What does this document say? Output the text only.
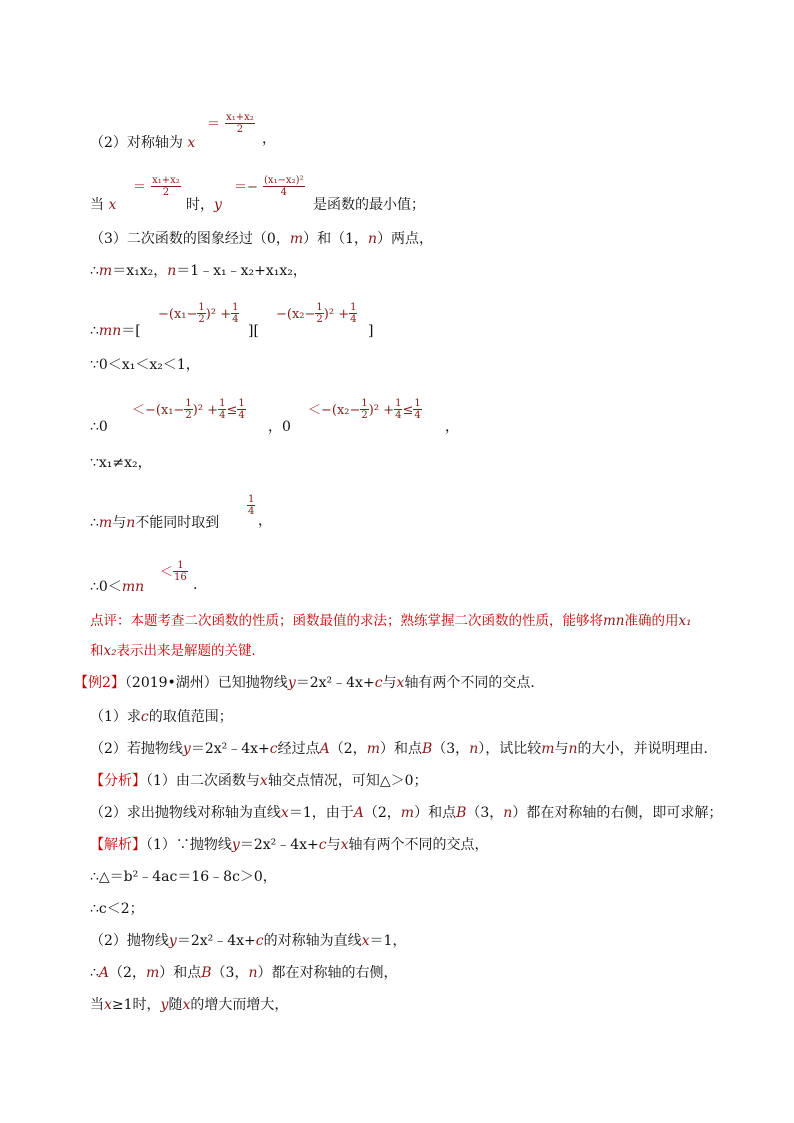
（2）对称轴为 x
＝ $\frac{\text{x₁+x₂}}{2}$
，
当 x
＝ $\frac{\text{x₁+x₂}}{2}$
时，y
＝− $\frac{\text{(x₁−x₂)²}}{4}$
是函数的最小值；
（3）二次函数的图象经过（0，m）和（1，n）两点，
∴m＝x₁x₂，n＝1﹣x₁﹣x₂+x₁x₂，
∴mn＝[
$-(x_1- \frac{1}{2} )^2 + \frac{1}{4}$
][
$-(x_2- \frac{1}{2} )^2 + \frac{1}{4}$
]
∵0＜x₁＜x₂＜1，
∴0
$<-(x_1- \frac{1}{2} )^2 + \frac{1}{4} \le \frac{1}{4}$
，0
$<-(x_2- \frac{1}{2} )^2 + \frac{1}{4} \le \frac{1}{4}$
，
∵x₁≠x₂，
∴m与n不能同时取到
$\frac{1}{4}$
，
∴0＜mn
＜ $\frac{1}{16}$
.
点评：本题考查二次函数的性质；函数最值的求法；熟练掌握二次函数的性质，能够将mn准确的用x₁
和x₂表示出来是解题的关键．
【例2】（2019•湖州）已知抛物线y＝2x²﹣4x+c与x轴有两个不同的交点．
（1）求c的取值范围；
（2）若抛物线y＝2x²﹣4x+c经过点A（2，m）和点B（3，n），试比较m与n的大小，并说明理由．
【分析】（1）由二次函数与x轴交点情况，可知△＞0；
（2）求出抛物线对称轴为直线x＝1，由于A（2，m）和点B（3，n）都在对称轴的右侧，即可求解；
【解析】（1）∵抛物线y＝2x²﹣4x+c与x轴有两个不同的交点，
∴△＝b²﹣4ac＝16﹣8c＞0，
∴c＜2；
（2）抛物线y＝2x²﹣4x+c的对称轴为直线x＝1，
∴A（2，m）和点B（3，n）都在对称轴的右侧，
当x≥1时，y随x的增大而增大，
